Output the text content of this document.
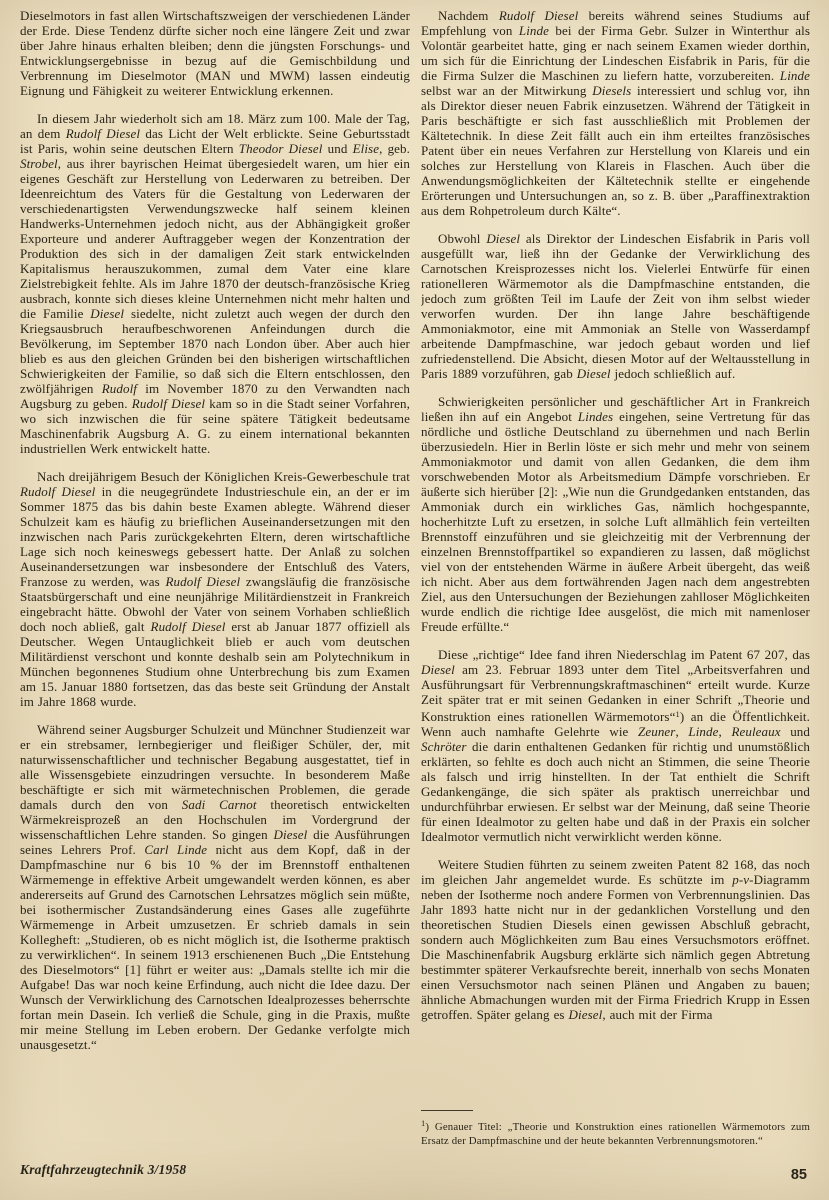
Dieselmotors in fast allen Wirtschaftszweigen der verschiedenen Länder der Erde. Diese Tendenz dürfte sicher noch eine längere Zeit und zwar über Jahre hinaus erhalten bleiben; denn die jüngsten Forschungs- und Entwicklungsergebnisse in bezug auf die Gemischbildung und Verbrennung im Dieselmotor (MAN und MWM) lassen eindeutig Eignung und Fähigkeit zu weiterer Entwicklung erkennen.

In diesem Jahr wiederholt sich am 18. März zum 100. Male der Tag, an dem Rudolf Diesel das Licht der Welt erblickte. Seine Geburtsstadt ist Paris, wohin seine deutschen Eltern Theodor Diesel und Elise, geb. Strobel, aus ihrer bayrischen Heimat übergesiedelt waren, um hier ein eigenes Geschäft zur Herstellung von Lederwaren zu betreiben. Der Ideenreichtum des Vaters für die Gestaltung von Lederwaren der verschiedenartigsten Verwendungszwecke half seinem kleinen Handwerks-Unternehmen jedoch nicht, aus der Abhängigkeit großer Exporteure und anderer Auftraggeber wegen der Konzentration der Produktion des sich in der damaligen Zeit stark entwickelnden Kapitalismus herauszukommen, zumal dem Vater eine klare Zielstrebigkeit fehlte. Als im Jahre 1870 der deutsch-französische Krieg ausbrach, konnte sich dieses kleine Unternehmen nicht mehr halten und die Familie Diesel siedelte, nicht zuletzt auch wegen der durch den Kriegsausbruch heraufbeschworenen Anfeindungen durch die Bevölkerung, im September 1870 nach London über. Aber auch hier blieb es aus den gleichen Gründen bei den bisherigen wirtschaftlichen Schwierigkeiten der Familie, so daß sich die Eltern entschlossen, den zwölfjährigen Rudolf im November 1870 zu den Verwandten nach Augsburg zu geben. Rudolf Diesel kam so in die Stadt seiner Vorfahren, wo sich inzwischen die für seine spätere Tätigkeit bedeutsame Maschinenfabrik Augsburg A. G. zu einem international bekannten industriellen Werk entwickelt hatte.

Nach dreijährigem Besuch der Königlichen Kreis-Gewerbeschule trat Rudolf Diesel in die neugegründete Industrieschule ein, an der er im Sommer 1875 das bis dahin beste Examen ablegte. Während dieser Schulzeit kam es häufig zu brieflichen Auseinandersetzungen mit den inzwischen nach Paris zurückgekehrten Eltern, deren wirtschaftliche Lage sich noch keineswegs gebessert hatte. Der Anlaß zu solchen Auseinandersetzungen war insbesondere der Entschluß des Vaters, Franzose zu werden, was Rudolf Diesel zwangsläufig die französische Staatsbürgerschaft und eine neunjährige Militärdienstzeit in Frankreich eingebracht hätte. Obwohl der Vater von seinem Vorhaben schließlich doch noch abließ, galt Rudolf Diesel erst ab Januar 1877 offiziell als Deutscher. Wegen Untauglichkeit blieb er auch vom deutschen Militärdienst verschont und konnte deshalb sein am Polytechnikum in München begonnenes Studium ohne Unterbrechung bis zum Examen am 15. Januar 1880 fortsetzen, das das beste seit Gründung der Anstalt im Jahre 1868 wurde.

Während seiner Augsburger Schulzeit und Münchner Studienzeit war er ein strebsamer, lernbegieriger und fleißiger Schüler, der, mit naturwissenschaftlicher und technischer Begabung ausgestattet, tief in alle Wissensgebiete einzudringen versuchte. In besonderem Maße beschäftigte er sich mit wärmetechnischen Problemen, die gerade damals durch den von Sadi Carnot theoretisch entwickelten Wärmekreisprozeß an den Hochschulen im Vordergrund der wissenschaftlichen Lehre standen. So gingen Diesel die Ausführungen seines Lehrers Prof. Carl Linde nicht aus dem Kopf, daß in der Dampfmaschine nur 6 bis 10 % der im Brennstoff enthaltenen Wärmemenge in effektive Arbeit umgewandelt werden können, es aber andererseits auf Grund des Carnotschen Lehrsatzes möglich sein müßte, bei isothermischer Zustandsänderung eines Gases alle zugeführte Wärmemenge in Arbeit umzusetzen. Er schrieb damals in sein Kollegheft: „Studieren, ob es nicht möglich ist, die Isotherme praktisch zu verwirklichen“. In seinem 1913 erschienenen Buch „Die Entstehung des Dieselmotors“ [1] führt er weiter aus: „Damals stellte ich mir die Aufgabe! Das war noch keine Erfindung, auch nicht die Idee dazu. Der Wunsch der Verwirklichung des Carnotschen Idealprozesses beherrschte fortan mein Dasein. Ich verließ die Schule, ging in die Praxis, mußte mir meine Stellung im Leben erobern. Der Gedanke verfolgte mich unausgesetzt.“

Nachdem Rudolf Diesel bereits während seines Studiums auf Empfehlung von Linde bei der Firma Gebr. Sulzer in Winterthur als Volontär gearbeitet hatte, ging er nach seinem Examen wieder dorthin, um sich für die Einrichtung der Lindeschen Eisfabrik in Paris, für die die Firma Sulzer die Maschinen zu liefern hatte, vorzubereiten. Linde selbst war an der Mitwirkung Diesels interessiert und schlug vor, ihn als Direktor dieser neuen Fabrik einzusetzen. Während der Tätigkeit in Paris beschäftigte er sich fast ausschließlich mit Problemen der Kältetechnik. In diese Zeit fällt auch ein ihm erteiltes französisches Patent über ein neues Verfahren zur Herstellung von Klareis und ein solches zur Herstellung von Klareis in Flaschen. Auch über die Anwendungsmöglichkeiten der Kältetechnik stellte er eingehende Erörterungen und Untersuchungen an, so z. B. über „Paraffinextraktion aus dem Rohpetroleum durch Kälte“.

Obwohl Diesel als Direktor der Lindeschen Eisfabrik in Paris voll ausgefüllt war, ließ ihn der Gedanke der Verwirklichung des Carnotschen Kreisprozesses nicht los. Vielerlei Entwürfe für einen rationelleren Wärmemotor als die Dampfmaschine entstanden, die jedoch zum größten Teil im Laufe der Zeit von ihm selbst wieder verworfen wurden. Der ihn lange Jahre beschäftigende Ammoniakmotor, eine mit Ammoniak an Stelle von Wasserdampf arbeitende Dampfmaschine, war jedoch gebaut worden und lief zufriedenstellend. Die Absicht, diesen Motor auf der Weltausstellung in Paris 1889 vorzuführen, gab Diesel jedoch schließlich auf.

Schwierigkeiten persönlicher und geschäftlicher Art in Frankreich ließen ihn auf ein Angebot Lindes eingehen, seine Vertretung für das nördliche und östliche Deutschland zu übernehmen und nach Berlin überzusiedeln. Hier in Berlin löste er sich mehr und mehr von seinem Ammoniakmotor und damit von allen Gedanken, die dem ihm vorschwebenden Motor als Arbeitsmedium Dämpfe vorschrieben. Er äußerte sich hierüber [2]: „Wie nun die Grundgedanken entstanden, das Ammoniak durch ein wirkliches Gas, nämlich hochgespannte, hocherhitzte Luft zu ersetzen, in solche Luft allmählich fein verteilten Brennstoff einzuführen und sie gleichzeitig mit der Verbrennung der einzelnen Brennstoffpartikel so expandieren zu lassen, daß möglichst viel von der entstehenden Wärme in äußere Arbeit übergeht, das weiß ich nicht. Aber aus dem fortwährenden Jagen nach dem angestrebten Ziel, aus den Untersuchungen der Beziehungen zahlloser Möglichkeiten wurde endlich die richtige Idee ausgelöst, die mich mit namenloser Freude erfüllte.“

Diese „richtige“ Idee fand ihren Niederschlag im Patent 67 207, das Diesel am 23. Februar 1893 unter dem Titel „Arbeitsverfahren und Ausführungsart für Verbrennungskraftmaschinen“ erteilt wurde. Kurze Zeit später trat er mit seinen Gedanken in einer Schrift „Theorie und Konstruktion eines rationellen Wärmemotors“$^1$) an die Öffentlichkeit. Wenn auch namhafte Gelehrte wie Zeuner, Linde, Reuleaux und Schröter die darin enthaltenen Gedanken für richtig und unumstößlich erklärten, so fehlte es doch auch nicht an Stimmen, die seine Theorie als falsch und irrig hinstellten. In der Tat enthielt die Schrift Gedankengänge, die sich später als praktisch unerreichbar und undurchführbar erwiesen. Er selbst war der Meinung, daß seine Theorie für einen Idealmotor zu gelten habe und daß in der Praxis ein solcher Idealmotor vermutlich nicht verwirklicht werden könne.

Weitere Studien führten zu seinem zweiten Patent 82 168, das noch im gleichen Jahr angemeldet wurde. Es schützte im p-v-Diagramm neben der Isotherme noch andere Formen von Verbrennungslinien. Das Jahr 1893 hatte nicht nur in der gedanklichen Vorstellung und den theoretischen Studien Diesels einen gewissen Abschluß gebracht, sondern auch Möglichkeiten zum Bau eines Versuchsmotors eröffnet. Die Maschinenfabrik Augsburg erklärte sich nämlich gegen Abtretung bestimmter späterer Verkaufsrechte bereit, innerhalb von sechs Monaten einen Versuchsmotor nach seinen Plänen und Angaben zu bauen; ähnliche Abmachungen wurden mit der Firma Friedrich Krupp in Essen getroffen. Später gelang es Diesel, auch mit der Firma

$^1$) Genauer Titel: „Theorie und Konstruktion eines rationellen Wärmemotors zum Ersatz der Dampfmaschine und der heute bekannten Verbrennungsmotoren.“
Kraftfahrzeugtechnik 3/1958	85
